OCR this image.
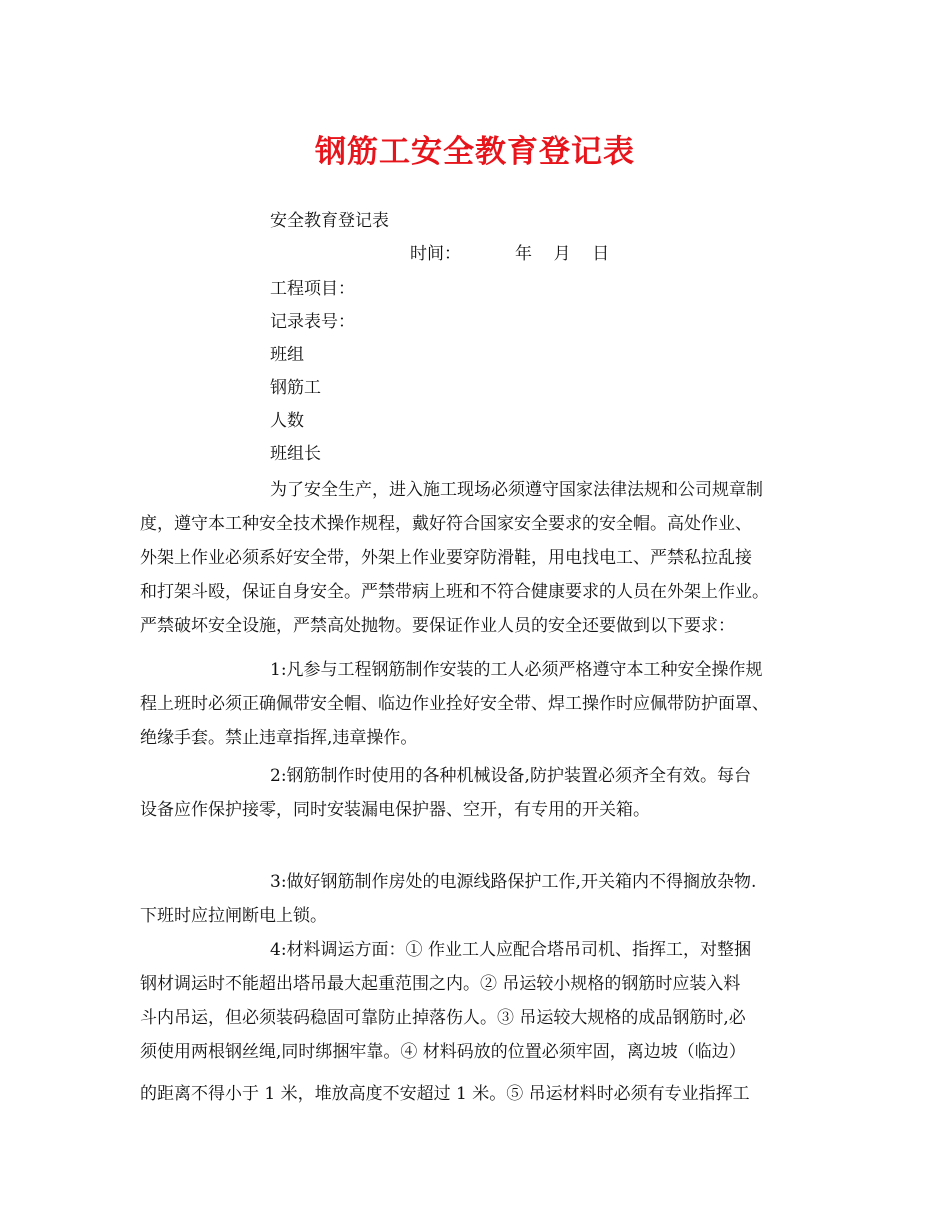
钢筋工安全教育登记表
安全教育登记表
时间：          年    月    日
工程项目：
记录表号：
班组
钢筋工
人数
班组长
为了安全生产，进入施工现场必须遵守国家法律法规和公司规章制
度，遵守本工种安全技术操作规程，戴好符合国家安全要求的安全帽。高处作业、
外架上作业必须系好安全带，外架上作业要穿防滑鞋，用电找电工、严禁私拉乱接
和打架斗殴，保证自身安全。严禁带病上班和不符合健康要求的人员在外架上作业。
严禁破坏安全设施，严禁高处抛物。要保证作业人员的安全还要做到以下要求：
1:凡参与工程钢筋制作安装的工人必须严格遵守本工种安全操作规
程上班时必须正确佩带安全帽、临边作业拴好安全带、焊工操作时应佩带防护面罩、
绝缘手套。禁止违章指挥,违章操作。
2:钢筋制作时使用的各种机械设备,防护装置必须齐全有效。每台
设备应作保护接零，同时安装漏电保护器、空开，有专用的开关箱。
3:做好钢筋制作房处的电源线路保护工作,开关箱内不得搁放杂物.
下班时应拉闸断电上锁。
4:材料调运方面：① 作业工人应配合塔吊司机、指挥工，对整捆
钢材调运时不能超出塔吊最大起重范围之内。② 吊运较小规格的钢筋时应装入料
斗内吊运，但必须装码稳固可靠防止掉落伤人。③ 吊运较大规格的成品钢筋时,必
须使用两根钢丝绳,同时绑捆牢靠。④ 材料码放的位置必须牢固，离边坡（临边）
的距离不得小于 1 米，堆放高度不安超过 1 米。⑤ 吊运材料时必须有专业指挥工
